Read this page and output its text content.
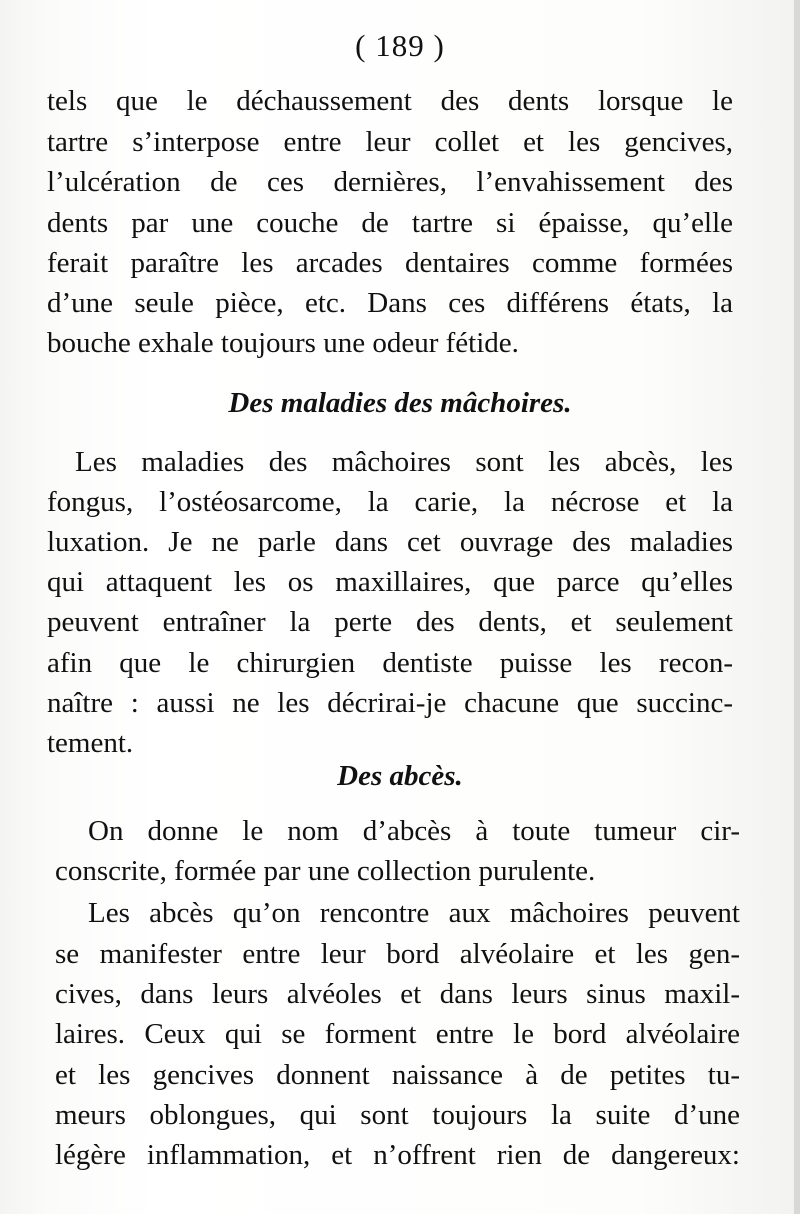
( 189 )
tels que le déchaussement des dents lorsque le
tartre s’interpose entre leur collet et les gencives,
l’ulcération de ces dernières, l’envahissement des
dents par une couche de tartre si épaisse, qu’elle
ferait paraître les arcades dentaires comme formées
d’une seule pièce, etc. Dans ces différens états, la
bouche exhale toujours une odeur fétide.
Des maladies des mâchoires.
Les maladies des mâchoires sont les abcès, les
fongus, l’ostéosarcome, la carie, la nécrose et la
luxation. Je ne parle dans cet ouvrage des maladies
qui attaquent les os maxillaires, que parce qu’elles
peuvent entraîner la perte des dents, et seulement
afin que le chirurgien dentiste puisse les recon-
naître : aussi ne les décrirai-je chacune que succinc-
tement.
Des abcès.
On donne le nom d’abcès à toute tumeur cir-
conscrite, formée par une collection purulente.
Les abcès qu’on rencontre aux mâchoires peuvent
se manifester entre leur bord alvéolaire et les gen-
cives, dans leurs alvéoles et dans leurs sinus maxil-
laires. Ceux qui se forment entre le bord alvéolaire
et les gencives donnent naissance à de petites tu-
meurs oblongues, qui sont toujours la suite d’une
légère inflammation, et n’offrent rien de dangereux:
